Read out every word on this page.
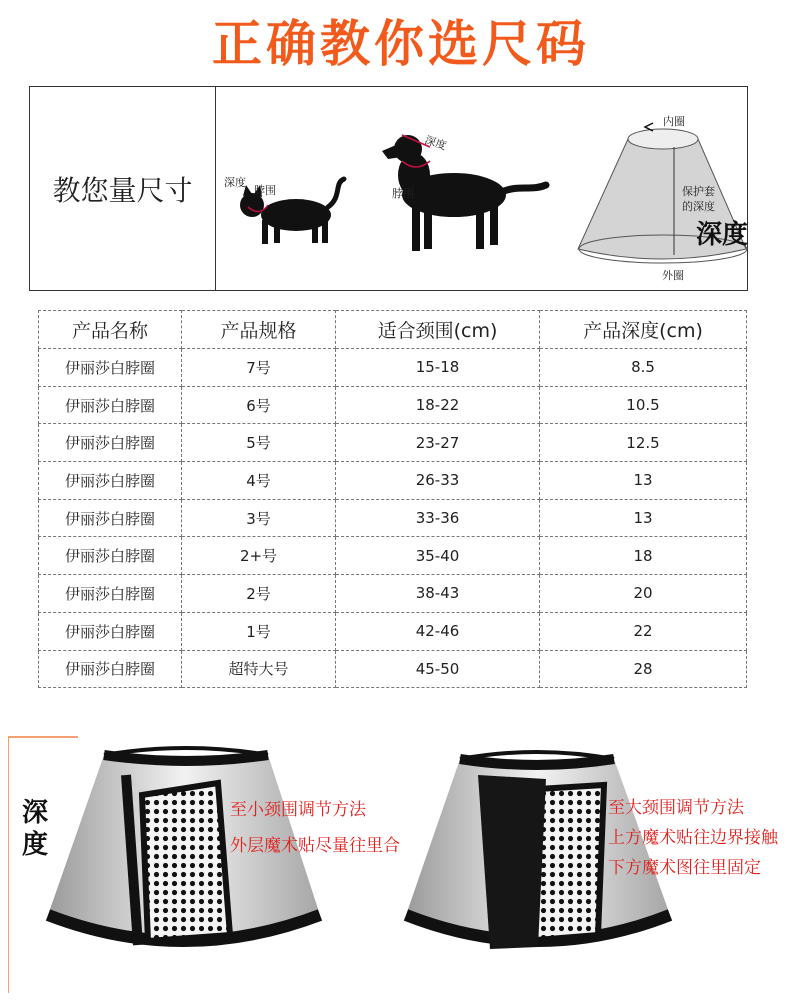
正确教你选尺码
教您量尺寸	深度
脖围
深度
脖围
内圈
保护套
的深度
深度
外圈
产品名称	产品规格	适合颈围(cm)	产品深度(cm)
伊丽莎白脖圈	7号	15-18	8.5
伊丽莎白脖圈	6号	18-22	10.5
伊丽莎白脖圈	5号	23-27	12.5
伊丽莎白脖圈	4号	26-33	13
伊丽莎白脖圈	3号	33-36	13
伊丽莎白脖圈	2+号	35-40	18
伊丽莎白脖圈	2号	38-43	20
伊丽莎白脖圈	1号	42-46	22
伊丽莎白脖圈	超特大号	45-50	28
深度
至小颈围调节方法
外层魔术贴尽量往里合
至大颈围调节方法
上方魔术贴往边界接触
下方魔术图往里固定
